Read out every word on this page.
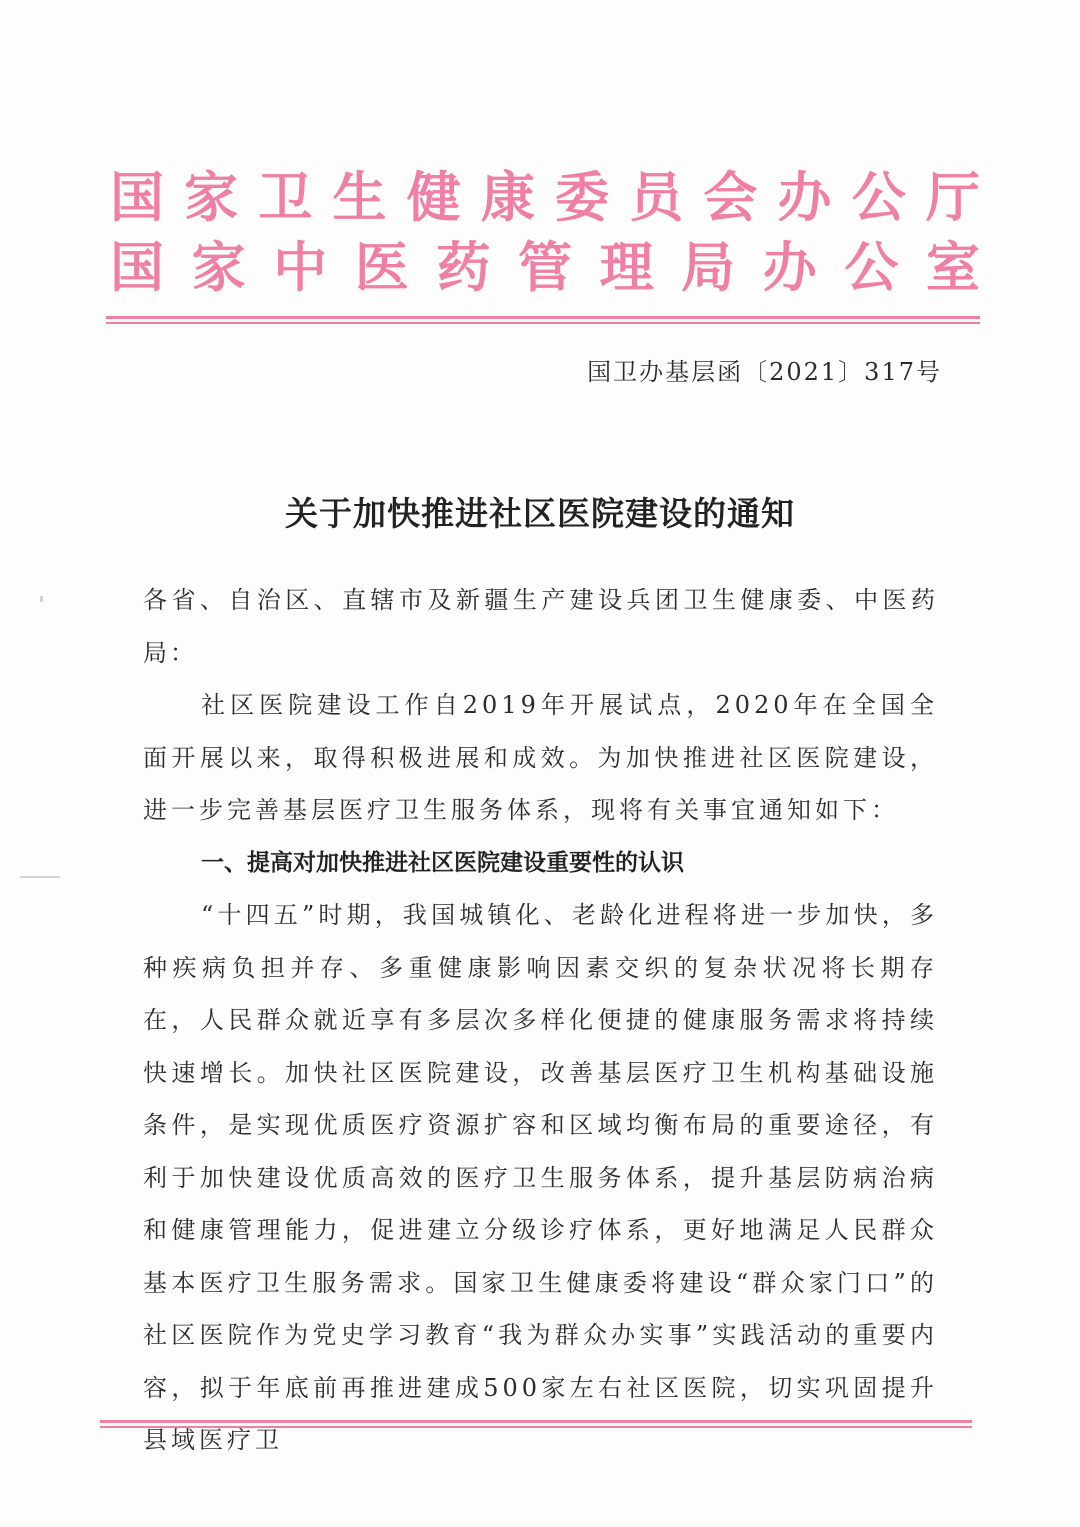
国 家 卫 生 健 康 委 员 会 办 公 厅
国 家 中 医 药 管 理 局 办 公 室
国卫办基层函〔2021〕317号
关于加快推进社区医院建设的通知

各省、自治区、直辖市及新疆生产建设兵团卫生健康委、中医药局：

社区医院建设工作自2019年开展试点，2020年在全国全面开展以来，取得积极进展和成效。为加快推进社区医院建设，进一步完善基层医疗卫生服务体系，现将有关事宜通知如下：

一、提高对加快推进社区医院建设重要性的认识

“十四五”时期，我国城镇化、老龄化进程将进一步加快，多种疾病负担并存、多重健康影响因素交织的复杂状况将长期存在，人民群众就近享有多层次多样化便捷的健康服务需求将持续快速增长。加快社区医院建设，改善基层医疗卫生机构基础设施条件，是实现优质医疗资源扩容和区域均衡布局的重要途径，有利于加快建设优质高效的医疗卫生服务体系，提升基层防病治病和健康管理能力，促进建立分级诊疗体系，更好地满足人民群众基本医疗卫生服务需求。国家卫生健康委将建设“群众家门口”的社区医院作为党史学习教育“我为群众办实事”实践活动的重要内容，拟于年底前再推进建成500家左右社区医院，切实巩固提升县域医疗卫
